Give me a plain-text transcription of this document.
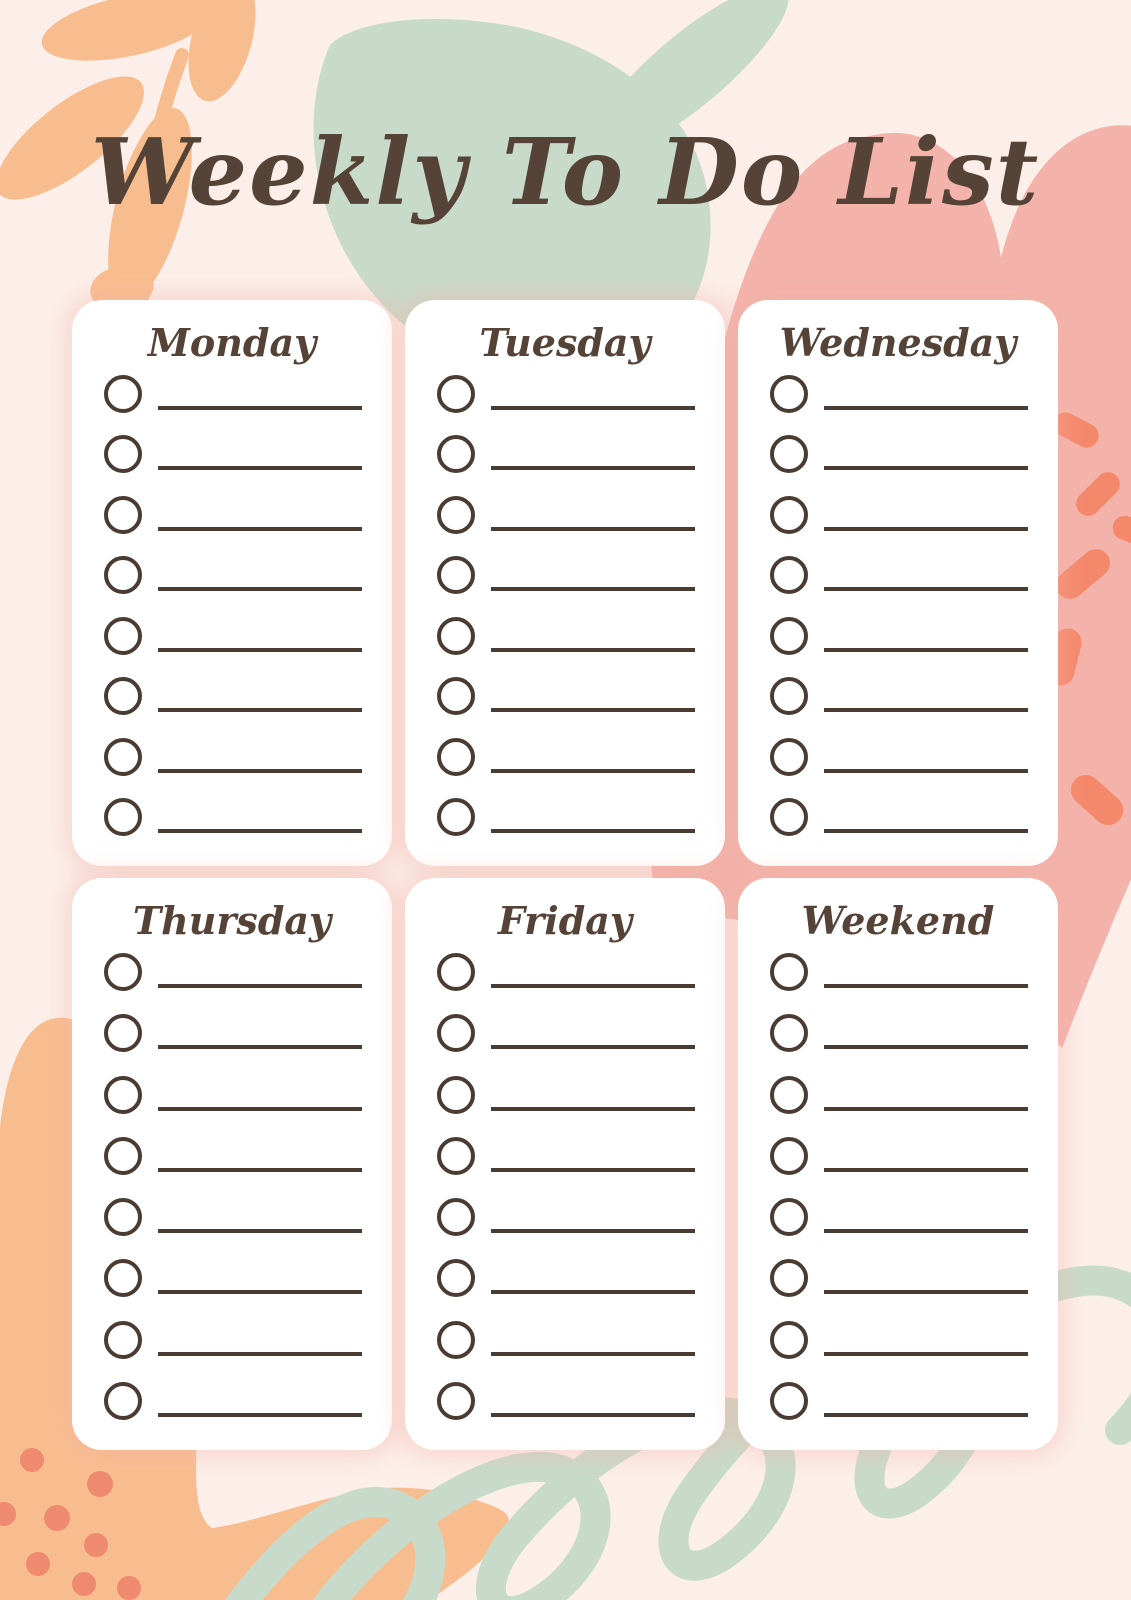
Weekly To Do List
Monday	Tuesday	Wednesday
Thursday	Friday	Weekend
